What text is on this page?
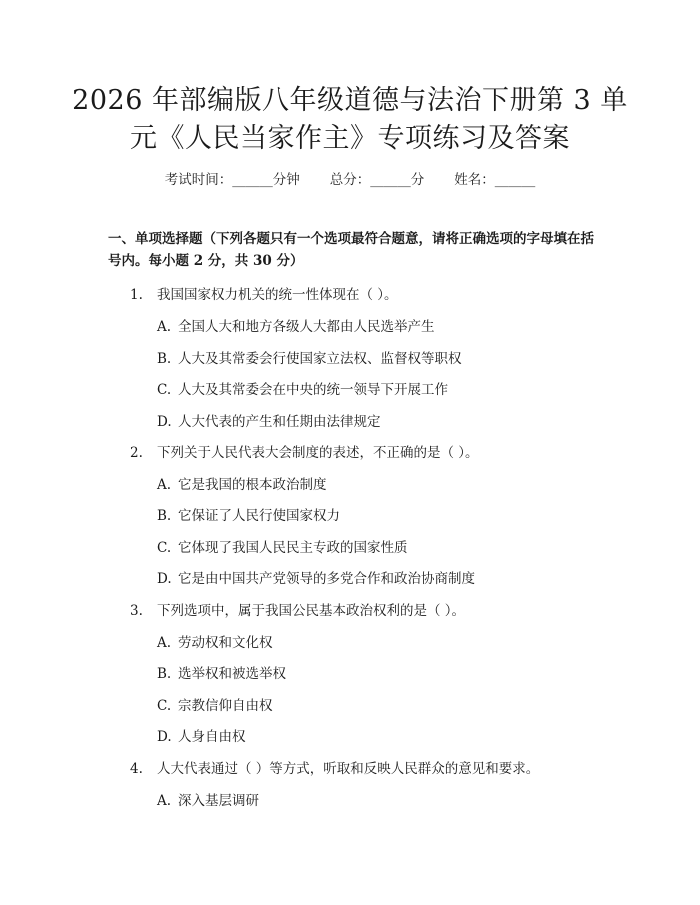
2026 年部编版八年级道德与法治下册第 3 单元《人民当家作主》专项练习及答案
考试时间：______分钟 总分：______分 姓名：______
一、单项选择题（下列各题只有一个选项最符合题意，请将正确选项的字母填在括号内。每小题 2 分，共 30 分）
1. 我国国家权力机关的统一性体现在（ ）。
A. 全国人大和地方各级人大都由人民选举产生
B. 人大及其常委会行使国家立法权、监督权等职权
C. 人大及其常委会在中央的统一领导下开展工作
D. 人大代表的产生和任期由法律规定
2. 下列关于人民代表大会制度的表述，不正确的是（ ）。
A. 它是我国的根本政治制度
B. 它保证了人民行使国家权力
C. 它体现了我国人民民主专政的国家性质
D. 它是由中国共产党领导的多党合作和政治协商制度
3. 下列选项中，属于我国公民基本政治权利的是（ ）。
A. 劳动权和文化权
B. 选举权和被选举权
C. 宗教信仰自由权
D. 人身自由权
4. 人大代表通过（ ）等方式，听取和反映人民群众的意见和要求。
A. 深入基层调研
